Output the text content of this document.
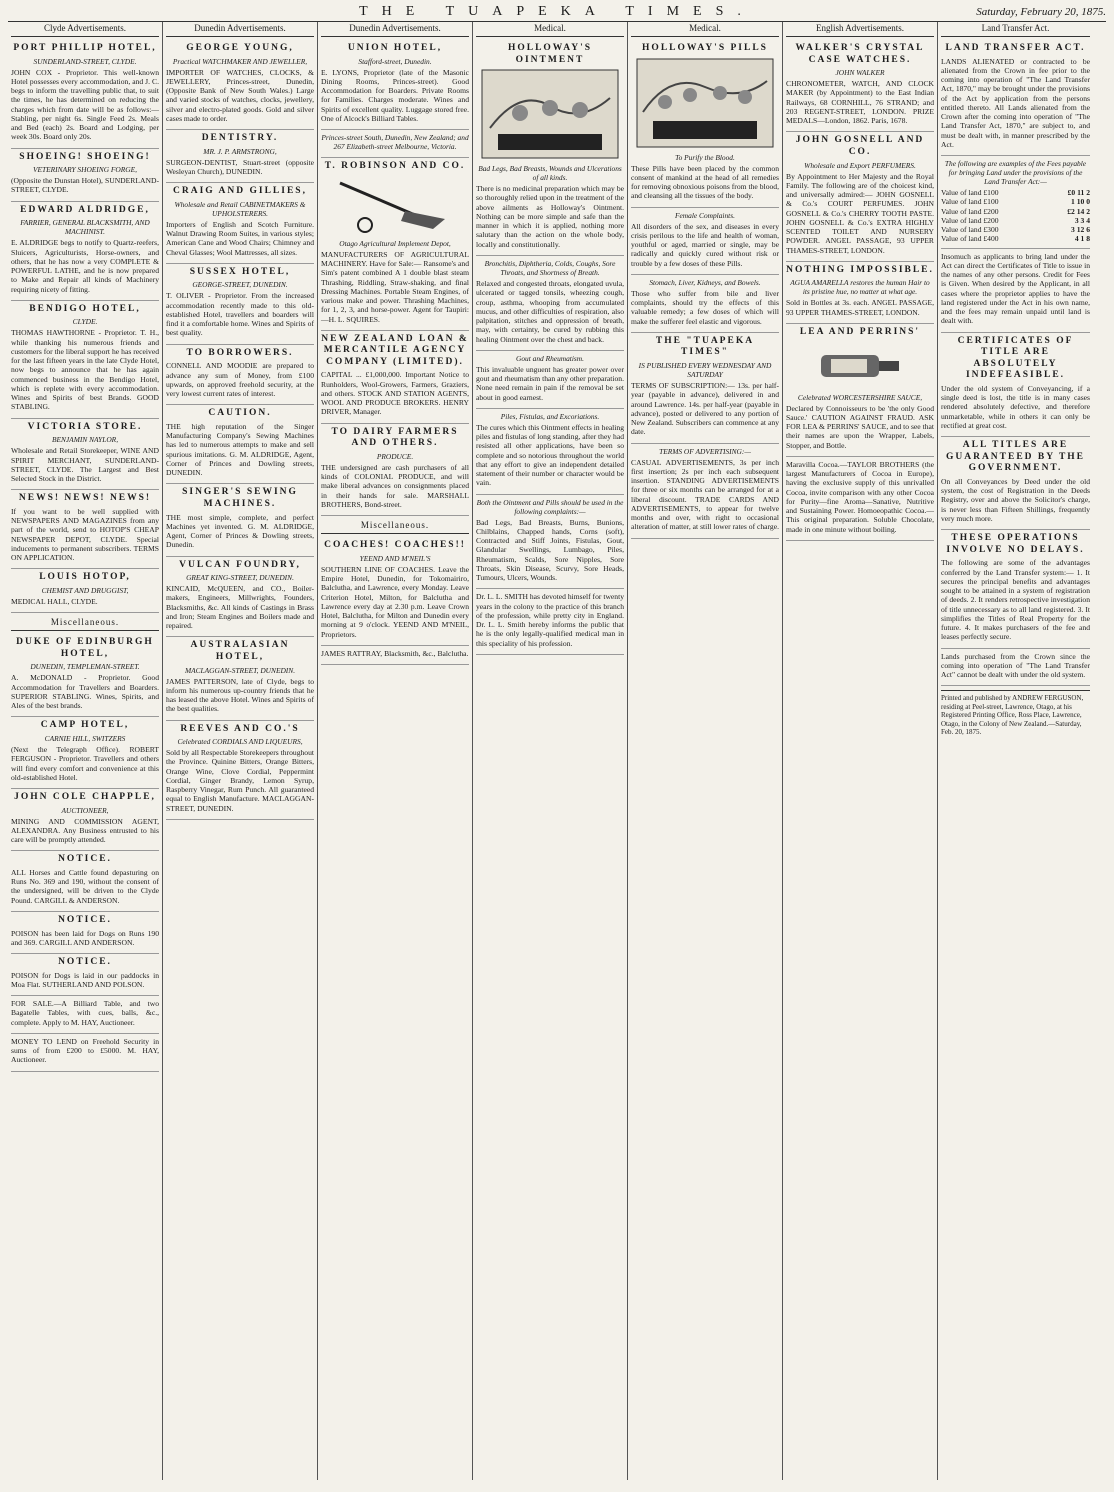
THE TUAPEKA TIMES.	Saturday, February 20, 1875.
Clyde Advertisements.
PORT PHILLIP HOTEL,
SUNDERLAND-STREET, CLYDE.

JOHN COX - Proprietor. This well-known Hotel possesses every accommodation, and J. C. begs to inform the travelling public that, to suit the times, he has determined on reducing the charges which from date will be as follows:— Stabling, per night 6s. Single Feed 2s. Meals and Bed (each) 2s. Board and Lodging, per week 30s. Board only 20s.

SHOEING! SHOEING!
VETERINARY SHOEING FORGE,

(Opposite the Dunstan Hotel), SUNDERLAND-STREET, CLYDE.

EDWARD ALDRIDGE,
FARRIER, GENERAL BLACKSMITH, AND MACHINIST.

E. ALDRIDGE begs to notify to Quartz-reefers, Sluicers, Agriculturists, Horse-owners, and others, that he has now a very COMPLETE & POWERFUL LATHE, and he is now prepared to Make and Repair all kinds of Machinery requiring nicety of fitting.

BENDIGO HOTEL,
CLYDE.

THOMAS HAWTHORNE - Proprietor. T. H., while thanking his numerous friends and customers for the liberal support he has received for the last fifteen years in the late Clyde Hotel, now begs to announce that he has again commenced business in the Bendigo Hotel, which is replete with every accommodation. Wines and Spirits of best Brands. GOOD STABLING.

VICTORIA STORE.
BENJAMIN NAYLOR,

Wholesale and Retail Storekeeper, WINE AND SPIRIT MERCHANT, SUNDERLAND-STREET, CLYDE. The Largest and Best Selected Stock in the District.

NEWS! NEWS! NEWS!

If you want to be well supplied with NEWSPAPERS AND MAGAZINES from any part of the world, send to HOTOP'S CHEAP NEWSPAPER DEPOT, CLYDE. Special inducements to permanent subscribers. TERMS ON APPLICATION.

LOUIS HOTOP,
CHEMIST AND DRUGGIST,

MEDICAL HALL, CLYDE.

Miscellaneous.
DUKE OF EDINBURGH HOTEL,
DUNEDIN, TEMPLEMAN-STREET.

A. McDONALD - Proprietor. Good Accommodation for Travellers and Boarders. SUPERIOR STABLING. Wines, Spirits, and Ales of the best brands.

CAMP HOTEL,
CARNIE HILL, SWITZERS

(Next the Telegraph Office). ROBERT FERGUSON - Proprietor. Travellers and others will find every comfort and convenience at this old-established Hotel.

JOHN COLE CHAPPLE,
AUCTIONEER,

MINING AND COMMISSION AGENT, ALEXANDRA. Any Business entrusted to his care will be promptly attended.

NOTICE.

ALL Horses and Cattle found depasturing on Runs No. 369 and 190, without the consent of the undersigned, will be driven to the Clyde Pound. CARGILL & ANDERSON.

NOTICE.

POISON has been laid for Dogs on Runs 190 and 369. CARGILL AND ANDERSON.

NOTICE.

POISON for Dogs is laid in our paddocks in Moa Flat. SUTHERLAND AND POLSON.

FOR SALE.—A Billiard Table, and two Bagatelle Tables, with cues, balls, &c., complete. Apply to M. HAY, Auctioneer.

MONEY TO LEND on Freehold Security in sums of from £200 to £5000. M. HAY, Auctioneer.

Dunedin Advertisements.
GEORGE YOUNG,
Practical WATCHMAKER AND JEWELLER,

IMPORTER OF WATCHES, CLOCKS, & JEWELLERY, Princes-street, Dunedin, (Opposite Bank of New South Wales.) Large and varied stocks of watches, clocks, jewellery, silver and electro-plated goods. Gold and silver cases made to order.

DENTISTRY.
MR. J. P. ARMSTRONG,

SURGEON-DENTIST, Stuart-street (opposite Wesleyan Church), DUNEDIN.

CRAIG AND GILLIES,
Wholesale and Retail CABINETMAKERS & UPHOLSTERERS.

Importers of English and Scotch Furniture. Walnut Drawing Room Suites, in various styles; American Cane and Wood Chairs; Chimney and Cheval Glasses; Wool Mattresses, all sizes.

SUSSEX HOTEL,
GEORGE-STREET, DUNEDIN.

T. OLIVER - Proprietor. From the increased accommodation recently made to this old-established Hotel, travellers and boarders will find it a comfortable home. Wines and Spirits of best quality.

TO BORROWERS.

CONNELL AND MOODIE are prepared to advance any sum of Money, from £100 upwards, on approved freehold security, at the very lowest current rates of interest.

CAUTION.

THE high reputation of the Singer Manufacturing Company's Sewing Machines has led to numerous attempts to make and sell spurious imitations. G. M. ALDRIDGE, Agent, Corner of Princes and Dowling streets, DUNEDIN.

SINGER'S SEWING MACHINES.

THE most simple, complete, and perfect Machines yet invented. G. M. ALDRIDGE, Agent, Corner of Princes & Dowling streets, Dunedin.

VULCAN FOUNDRY,
GREAT KING-STREET, DUNEDIN.

KINCAID, McQUEEN, and CO., Boiler-makers, Engineers, Millwrights, Founders, Blacksmiths, &c. All kinds of Castings in Brass and Iron; Steam Engines and Boilers made and repaired.

AUSTRALASIAN HOTEL,
MACLAGGAN-STREET, DUNEDIN.

JAMES PATTERSON, late of Clyde, begs to inform his numerous up-country friends that he has leased the above Hotel. Wines and Spirits of the best qualities.

REEVES AND CO.'S
Celebrated CORDIALS AND LIQUEURS,

Sold by all Respectable Storekeepers throughout the Province. Quinine Bitters, Orange Bitters, Orange Wine, Clove Cordial, Peppermint Cordial, Ginger Brandy, Lemon Syrup, Raspberry Vinegar, Rum Punch. All guaranteed equal to English Manufacture. MACLAGGAN-STREET, DUNEDIN.

Dunedin Advertisements.
UNION HOTEL,
Stafford-street, Dunedin.

E. LYONS, Proprietor (late of the Masonic Dining Rooms, Princes-street). Good Accommodation for Boarders. Private Rooms for Families. Charges moderate. Wines and Spirits of excellent quality. Luggage stored free. One of Alcock's Billiard Tables.

Princes-street South, Dunedin, New Zealand; and 267 Elizabeth-street Melbourne, Victoria.
T. ROBINSON AND CO.
Otago Agricultural Implement Depot,

MANUFACTURERS OF AGRICULTURAL MACHINERY. Have for Sale:— Ransome's and Sim's patent combined A 1 double blast steam Thrashing, Riddling, Straw-shaking, and final Dressing Machines. Portable Steam Engines, of various make and power. Thrashing Machines, for 1, 2, 3, and horse-power. Agent for Taupiri:—H. L. SQUIRES.

NEW ZEALAND LOAN & MERCANTILE AGENCY COMPANY (LIMITED).

CAPITAL ... £1,000,000. Important Notice to Runholders, Wool-Growers, Farmers, Graziers, and others. STOCK AND STATION AGENTS, WOOL AND PRODUCE BROKERS. HENRY DRIVER, Manager.

TO DAIRY FARMERS AND OTHERS.
PRODUCE.

THE undersigned are cash purchasers of all kinds of COLONIAL PRODUCE, and will make liberal advances on consignments placed in their hands for sale. MARSHALL BROTHERS, Bond-street.

Miscellaneous.
COACHES! COACHES!!
YEEND AND M'NEIL'S

SOUTHERN LINE OF COACHES. Leave the Empire Hotel, Dunedin, for Tokomairiro, Balclutha, and Lawrence, every Monday. Leave Criterion Hotel, Milton, for Balclutha and Lawrence every day at 2.30 p.m. Leave Crown Hotel, Balclutha, for Milton and Dunedin every morning at 9 o'clock. YEEND AND M'NEIL, Proprietors.

JAMES RATTRAY, Blacksmith, &c., Balclutha.

Medical.
HOLLOWAY'S OINTMENT
Bad Legs, Bad Breasts, Wounds and Ulcerations of all kinds.

There is no medicinal preparation which may be so thoroughly relied upon in the treatment of the above ailments as Holloway's Ointment. Nothing can be more simple and safe than the manner in which it is applied, nothing more salutary than the action on the whole body, locally and constitutionally.

Bronchitis, Diphtheria, Colds, Coughs, Sore Throats, and Shortness of Breath.

Relaxed and congested throats, elongated uvula, ulcerated or tagged tonsils, wheezing cough, croup, asthma, whooping from accumulated mucus, and other difficulties of respiration, also palpitation, stitches and oppression of breath, may, with certainty, be cured by rubbing this healing Ointment over the chest and back.

Gout and Rheumatism.

This invaluable unguent has greater power over gout and rheumatism than any other preparation. None need remain in pain if the removal be set about in good earnest.

Piles, Fistulas, and Excoriations.

The cures which this Ointment effects in healing piles and fistulas of long standing, after they had resisted all other applications, have been so complete and so notorious throughout the world that any effort to give an independent detailed statement of their number or character would be vain.

Both the Ointment and Pills should be used in the following complaints:—

Bad Legs, Bad Breasts, Burns, Bunions, Chilblains, Chapped hands, Corns (soft), Contracted and Stiff Joints, Fistulas, Gout, Glandular Swellings, Lumbago, Piles, Rheumatism, Scalds, Sore Nipples, Sore Throats, Skin Disease, Scurvy, Sore Heads, Tumours, Ulcers, Wounds.

Dr. L. L. SMITH has devoted himself for twenty years in the colony to the practice of this branch of the profession, while pretty city in England. Dr. L. L. Smith hereby informs the public that he is the only legally-qualified medical man in this speciality of his profession.

Medical.
HOLLOWAY'S PILLS
To Purify the Blood.

These Pills have been placed by the common consent of mankind at the head of all remedies for removing obnoxious poisons from the blood, and cleansing all the tissues of the body.

Female Complaints.

All disorders of the sex, and diseases in every crisis perilous to the life and health of woman, youthful or aged, married or single, may be radically and quickly cured without risk or trouble by a few doses of these Pills.

Stomach, Liver, Kidneys, and Bowels.

Those who suffer from bile and liver complaints, should try the effects of this valuable remedy; a few doses of which will make the sufferer feel elastic and vigorous.

THE "TUAPEKA TIMES"
IS PUBLISHED EVERY WEDNESDAY AND SATURDAY

TERMS OF SUBSCRIPTION:— 13s. per half-year (payable in advance), delivered in and around Lawrence. 14s. per half-year (payable in advance), posted or delivered to any portion of New Zealand. Subscribers can commence at any date.

TERMS OF ADVERTISING:—

CASUAL ADVERTISEMENTS, 3s per inch first insertion; 2s per inch each subsequent insertion. STANDING ADVERTISEMENTS for three or six months can be arranged for at a liberal discount. TRADE CARDS AND ADVERTISEMENTS, to appear for twelve months and over, with right to occasional alteration of matter, at still lower rates of charge.

English Advertisements.
WALKER'S CRYSTAL CASE WATCHES.
JOHN WALKER

CHRONOMETER, WATCH, AND CLOCK MAKER (by Appointment) to the East Indian Railways, 68 CORNHILL, 76 STRAND; and 203 REGENT-STREET, LONDON. PRIZE MEDALS—London, 1862. Paris, 1678.

JOHN GOSNELL AND CO.
Wholesale and Export PERFUMERS.

By Appointment to Her Majesty and the Royal Family. The following are of the choicest kind, and universally admired:— JOHN GOSNELL & Co.'s COURT PERFUMES. JOHN GOSNELL & Co.'s CHERRY TOOTH PASTE. JOHN GOSNELL & Co.'s EXTRA HIGHLY SCENTED TOILET AND NURSERY POWDER. ANGEL PASSAGE, 93 UPPER THAMES-STREET, LONDON.

NOTHING IMPOSSIBLE.
AGUA AMARELLA restores the human Hair to its pristine hue, no matter at what age.

Sold in Bottles at 3s. each. ANGEL PASSAGE, 93 UPPER THAMES-STREET, LONDON.

LEA AND PERRINS'
Celebrated WORCESTERSHIRE SAUCE,

Declared by Connoisseurs to be 'the only Good Sauce.' CAUTION AGAINST FRAUD. ASK FOR LEA & PERRINS' SAUCE, and to see that their names are upon the Wrapper, Labels, Stopper, and Bottle.

Maravilla Cocoa.—TAYLOR BROTHERS (the largest Manufacturers of Cocoa in Europe), having the exclusive supply of this unrivalled Cocoa, invite comparison with any other Cocoa for Purity—fine Aroma—Sanative, Nutritive and Sustaining Power. Homoeopathic Cocoa.—This original preparation. Soluble Chocolate, made in one minute without boiling.

Land Transfer Act.
LAND TRANSFER ACT.

LANDS ALIENATED or contracted to be alienated from the Crown in fee prior to the coming into operation of "The Land Transfer Act, 1870," may be brought under the provisions of the Act by application from the persons entitled thereto. All Lands alienated from the Crown after the coming into operation of "The Land Transfer Act, 1870," are subject to, and must be dealt with, in manner prescribed by the Act.

The following are examples of the Fees payable for bringing Land under the provisions of the Land Transfer Act:—
Value of land £100	£0 11 2
Value of land £100	1 10 0
Value of land £200	£2 14 2
Value of land £200	3 3 4
Value of land £300	3 12 6
Value of land £400	4 1 8

Insomuch as applicants to bring land under the Act can direct the Certificates of Title to issue in the names of any other persons. Credit for Fees is Given. When desired by the Applicant, in all cases where the proprietor applies to have the land registered under the Act in his own name, and the fees may remain unpaid until land is dealt with.

CERTIFICATES OF TITLE ARE ABSOLUTELY INDEFEASIBLE.

Under the old system of Conveyancing, if a single deed is lost, the title is in many cases rendered absolutely defective, and therefore unmarketable, while in others it can only be rectified at great cost.

ALL TITLES ARE GUARANTEED BY THE GOVERNMENT.

On all Conveyances by Deed under the old system, the cost of Registration in the Deeds Registry, over and above the Solicitor's charge, is never less than Fifteen Shillings, frequently very much more.

THESE OPERATIONS INVOLVE NO DELAYS.

The following are some of the advantages conferred by the Land Transfer system:— 1. It secures the principal benefits and advantages sought to be attained in a system of registration of deeds. 2. It renders retrospective investigation of title unnecessary as to all land registered. 3. It simplifies the Titles of Real Property for the future. 4. It makes purchasers of the fee and leases perfectly secure.

Lands purchased from the Crown since the coming into operation of "The Land Transfer Act" cannot be dealt with under the old system.

Printed and published by ANDREW FERGUSON, residing at Peel-street, Lawrence, Otago, at his Registered Printing Office, Ross Place, Lawrence, Otago, in the Colony of New Zealand.—Saturday, Feb. 20, 1875.
